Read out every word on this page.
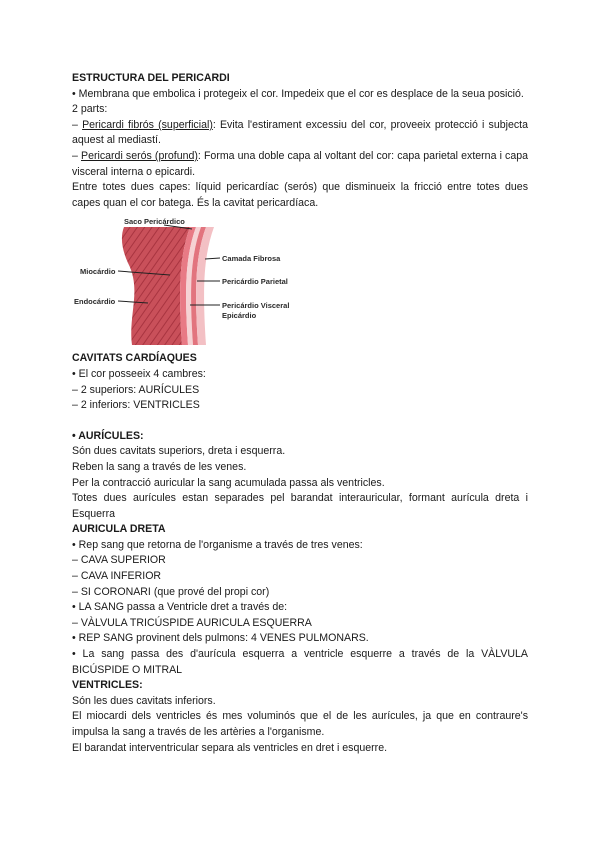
ESTRUCTURA DEL PERICARDI

• Membrana que embolica i protegeix el cor. Impedeix que el cor es desplace de la seua posició.

2 parts:

– Pericardi fibrós (superficial): Evita l'estirament excessiu del cor, proveeix protecció i subjecta aquest al mediastí.

– Pericardi serós (profund): Forma una doble capa al voltant del cor: capa parietal externa i capa visceral interna o epicardi.

Entre totes dues capes: líquid pericardíac (serós) que disminueix la fricció entre totes dues capes quan el cor batega. És la cavitat pericardíaca.

Saco Pericárdico
Miocárdio
Endocárdio
Camada Fibrosa
Pericárdio Parietal
Pericárdio Visceral
Epicárdio

CAVITATS CARDÍAQUES

• El cor posseeix 4 cambres:

– 2 superiors: AURÍCULES

– 2 inferiors: VENTRICLES

• AURÍCULES:

Són dues cavitats superiors, dreta i esquerra.

Reben la sang a través de les venes.

Per la contracció auricular la sang acumulada passa als ventricles.

Totes dues aurícules estan separades pel barandat interauricular, formant aurícula dreta i Esquerra

AURICULA DRETA

• Rep sang que retorna de l'organisme a través de tres venes:

– CAVA SUPERIOR

– CAVA INFERIOR

– SI CORONARI (que prové del propi cor)

• LA SANG passa a Ventricle dret a través de:

– VÀLVULA TRICÚSPIDE AURICULA ESQUERRA

• REP SANG provinent dels pulmons: 4 VENES PULMONARS.

• La sang passa des d'aurícula esquerra a ventricle esquerre a través de la VÀLVULA BICÚSPIDE O MITRAL

VENTRICLES:

Són les dues cavitats inferiors.

El miocardi dels ventricles és mes voluminós que el de les aurícules, ja que en contraure's impulsa la sang a través de les artèries a l'organisme.

El barandat interventricular separa als ventricles en dret i esquerre.
